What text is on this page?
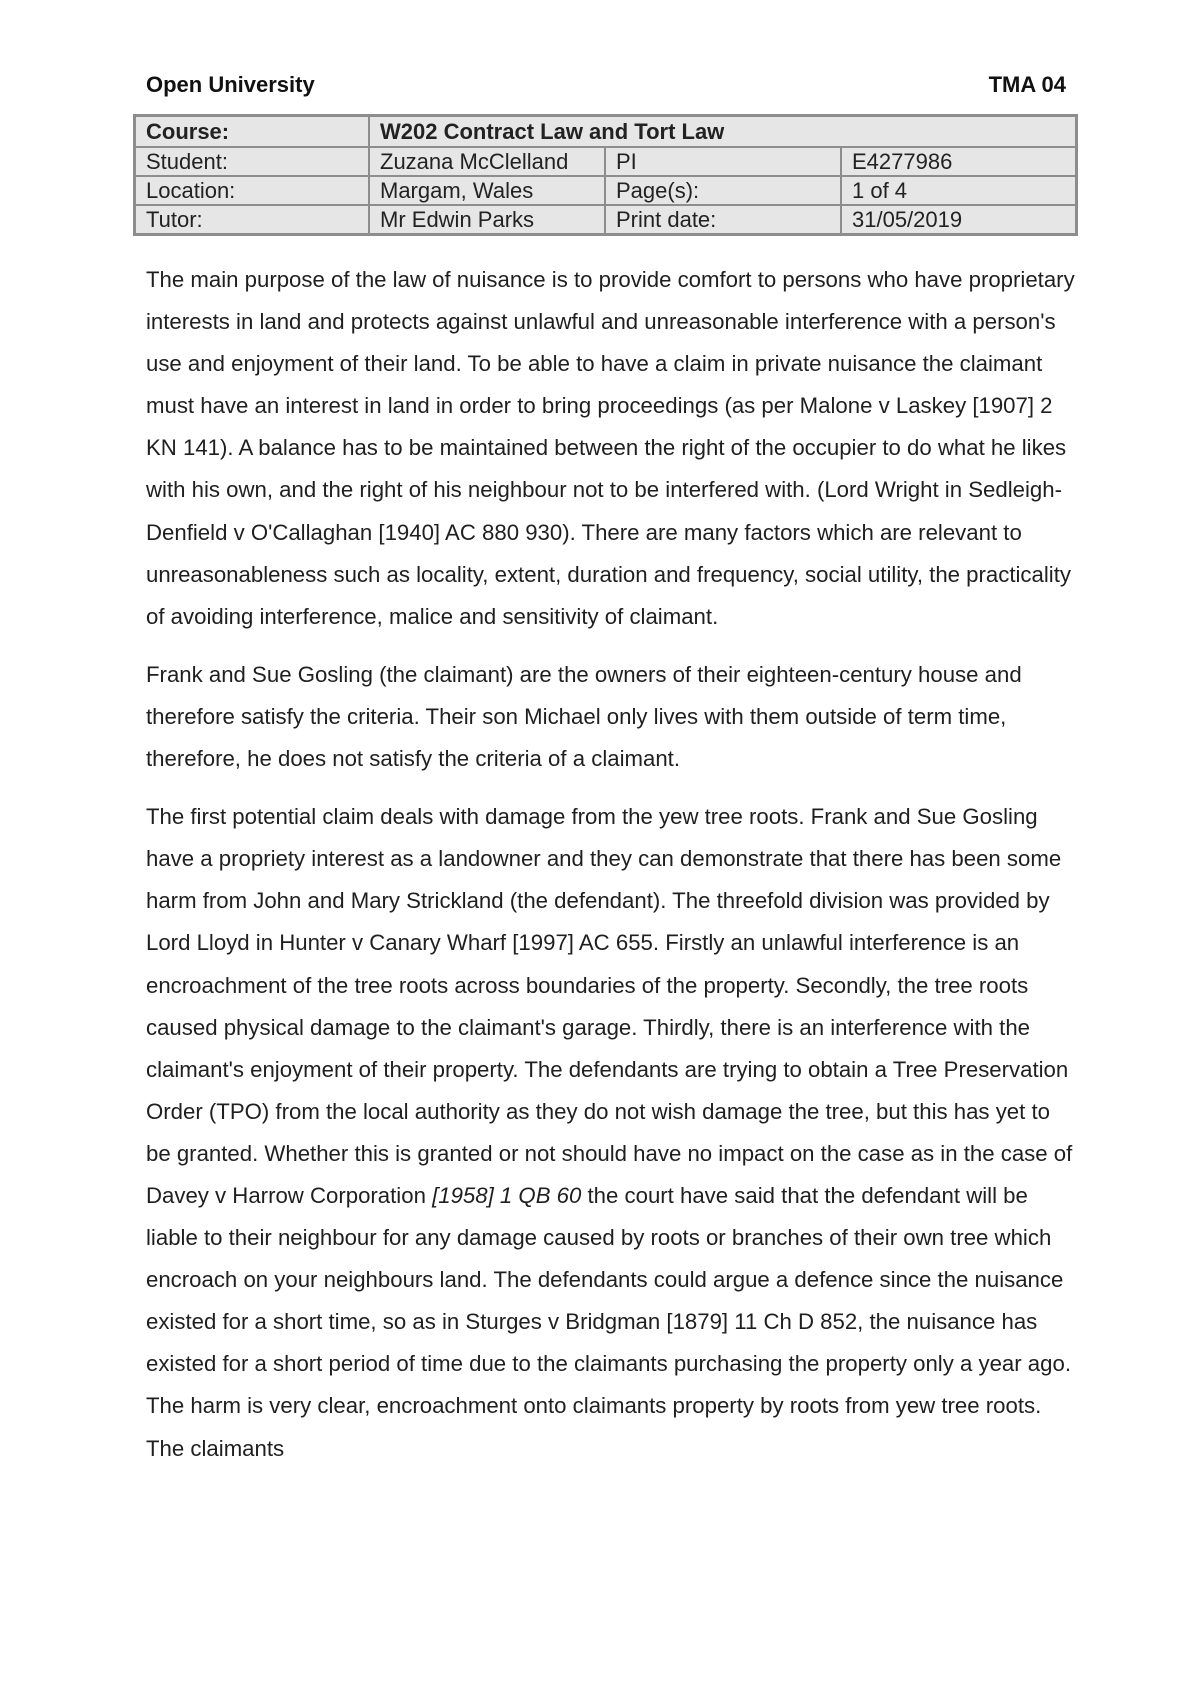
Open University	TMA 04
Course:	W202 Contract Law and Tort Law		
Student:	Zuzana McClelland	PI	E4277986
Location:	Margam, Wales	Page(s):	1 of 4
Tutor:	Mr Edwin Parks	Print date:	31/05/2019

The main purpose of the law of nuisance is to provide comfort to persons who have proprietary interests in land and protects against unlawful and unreasonable interference with a person's use and enjoyment of their land. To be able to have a claim in private nuisance the claimant must have an interest in land in order to bring proceedings (as per Malone v Laskey [1907] 2 KN 141). A balance has to be maintained between the right of the occupier to do what he likes with his own, and the right of his neighbour not to be interfered with. (Lord Wright in Sedleigh-Denfield v O'Callaghan [1940] AC 880 930). There are many factors which are relevant to unreasonableness such as locality, extent, duration and frequency, social utility, the practicality of avoiding interference, malice and sensitivity of claimant.

Frank and Sue Gosling (the claimant) are the owners of their eighteen-century house and therefore satisfy the criteria. Their son Michael only lives with them outside of term time, therefore, he does not satisfy the criteria of a claimant.

The first potential claim deals with damage from the yew tree roots. Frank and Sue Gosling have a propriety interest as a landowner and they can demonstrate that there has been some harm from John and Mary Strickland (the defendant). The threefold division was provided by Lord Lloyd in Hunter v Canary Wharf [1997] AC 655. Firstly an unlawful interference is an encroachment of the tree roots across boundaries of the property. Secondly, the tree roots caused physical damage to the claimant's garage. Thirdly, there is an interference with the claimant's enjoyment of their property. The defendants are trying to obtain a Tree Preservation Order (TPO) from the local authority as they do not wish damage the tree, but this has yet to be granted. Whether this is granted or not should have no impact on the case as in the case of Davey v Harrow Corporation [1958] 1 QB 60 the court have said that the defendant will be liable to their neighbour for any damage caused by roots or branches of their own tree which encroach on your neighbours land. The defendants could argue a defence since the nuisance existed for a short time, so as in Sturges v Bridgman [1879] 11 Ch D 852, the nuisance has existed for a short period of time due to the claimants purchasing the property only a year ago. The harm is very clear, encroachment onto claimants property by roots from yew tree roots. The claimants
